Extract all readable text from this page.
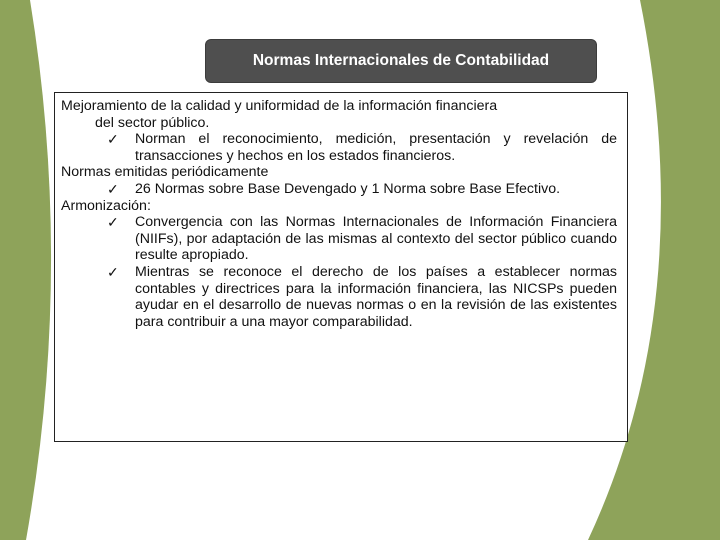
Normas Internacionales de Contabilidad

Mejoramiento de la calidad y uniformidad de la información financiera
del sector público.

✓ Norman el reconocimiento, medición, presentación y revelación de transacciones y hechos en los estados financieros.

Normas emitidas periódicamente

✓ 26 Normas sobre Base Devengado y 1 Norma sobre Base Efectivo.

Armonización:

✓ Convergencia con las Normas Internacionales de Información Financiera (NIIFs), por adaptación de las mismas al contexto del sector público cuando resulte apropiado.

✓ Mientras se reconoce el derecho de los países a establecer normas contables y directrices para la información financiera, las NICSPs pueden ayudar en el desarrollo de nuevas normas o en la revisión de las existentes para contribuir a una mayor comparabilidad.
